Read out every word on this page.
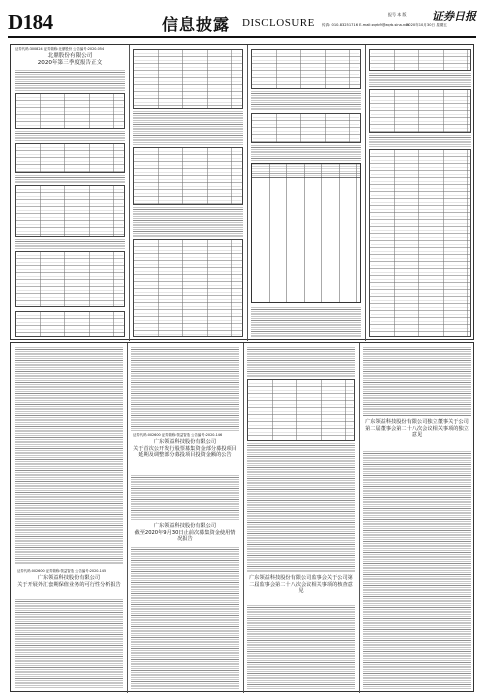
D184	信息披露 DISCLOSURE
报号 本 版 证券日报
传真: 010-83251716 E-mail:zqrb9@zqrb.sina.net
2020年10月30日 星期五
证券代码:300824 证券简称:北鼎股份 公告编号:2020-054
北鼎股份有限公司
2020年第三季度报告正文
证券代码:002600 证券简称:领益智造 公告编号:2020-145
广东领益科技股份有限公司
关于开展外汇套期保值业务的可行性分析报告
证券代码:002600 证券简称:领益智造 公告编号:2020-146
广东领益科技股份有限公司
关于首次公开发行股票募集资金部分募投项目延期及调整部分募投项目投资金额的公告
广东领益科技股份有限公司
截至2020年9月30日止前次募集资金使用情况报告
广东领益科技股份有限公司监事会关于公司第二届监事会第二十八次会议相关事项的核查意见
广东领益科技股份有限公司独立董事关于公司第二届董事会第二十八次会议相关事项的独立意见
